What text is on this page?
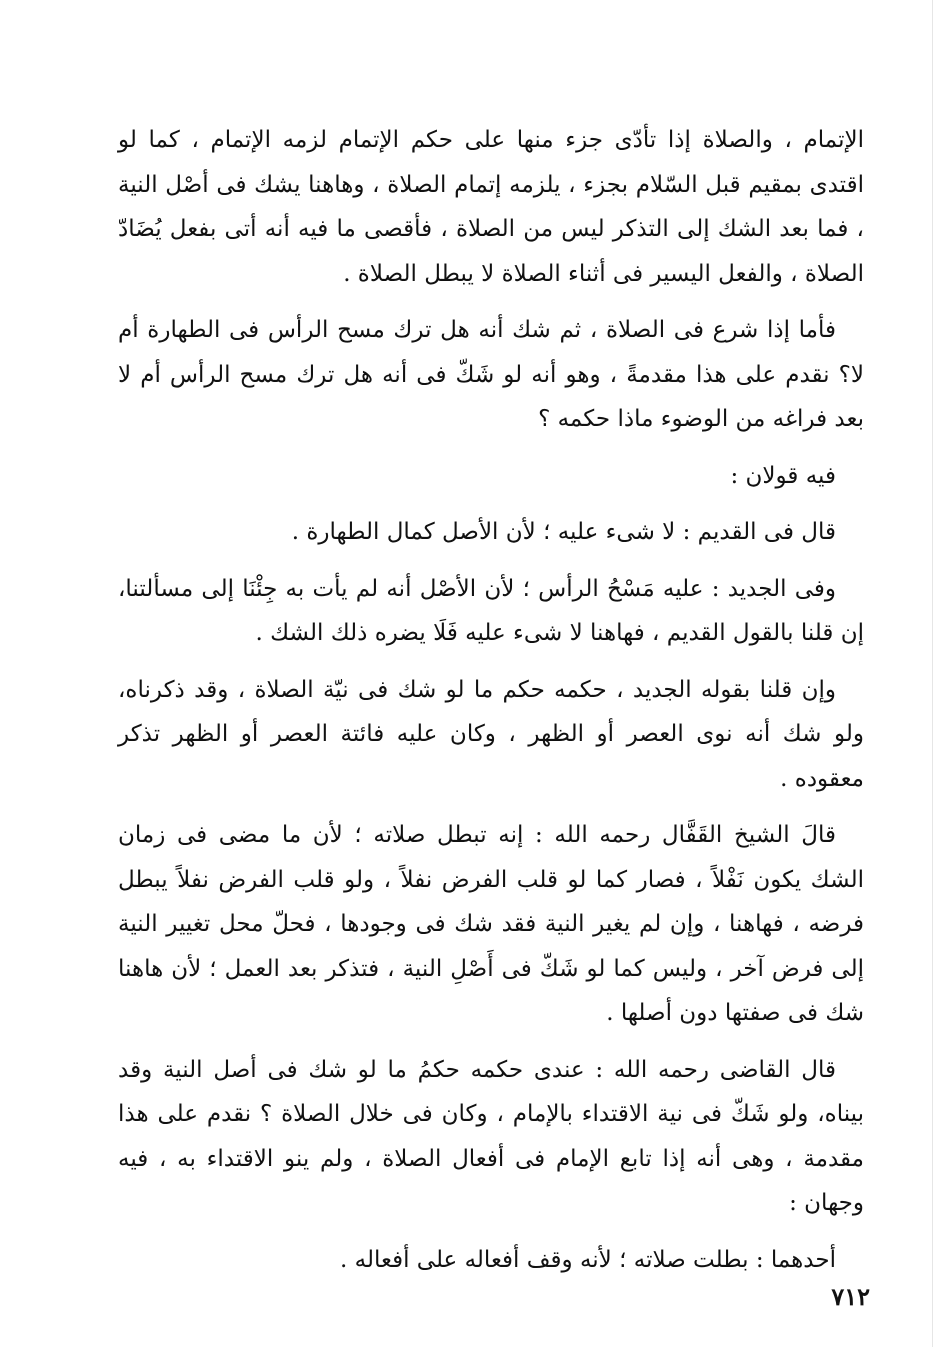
الإتمام ، والصلاة إذا تأدّى جزء منها على حكم الإتمام لزمه الإتمام ، كما لو اقتدى بمقيم قبل السّلام بجزء ، يلزمه إتمام الصلاة ، وهاهنا يشك فى أصْل النية ، فما بعد الشك إلى التذكر ليس من الصلاة ، فأقصى ما فيه أنه أتى بفعل يُضَادّ الصلاة ، والفعل اليسير فى أثناء الصلاة لا يبطل الصلاة .

فأما إذا شرع فى الصلاة ، ثم شك أنه هل ترك مسح الرأس فى الطهارة أم لا؟ نقدم على هذا مقدمةً ، وهو أنه لو شَكّ فى أنه هل ترك مسح الرأس أم لا بعد فراغه من الوضوء ماذا حكمه ؟

فيه قولان :

قال فى القديم : لا شىء عليه ؛ لأن الأصل كمال الطهارة .

وفى الجديد : عليه مَسْحُ الرأس ؛ لأن الأصْل أنه لم يأت به جِئْنَا إلى مسألتنا، إن قلنا بالقول القديم ، فهاهنا لا شىء عليه فَلَا يضره ذلك الشك .

وإن قلنا بقوله الجديد ، حكمه حكم ما لو شك فى نيّة الصلاة ، وقد ذكرناه، ولو شك أنه نوى العصر أو الظهر ، وكان عليه فائتة العصر أو الظهر تذكر معقوده .

قالَ الشيخ القَفَّال رحمه الله : إنه تبطل صلاته ؛ لأن ما مضى فى زمان الشك يكون نَفْلاً ، فصار كما لو قلب الفرض نفلاً ، ولو قلب الفرض نفلاً يبطل فرضه ، فهاهنا ، وإن لم يغير النية فقد شك فى وجودها ، فحلّ محل تغيير النية إلى فرض آخر ، وليس كما لو شَكّ فى أَصْلِ النية ، فتذكر بعد العمل ؛ لأن هاهنا شك فى صفتها دون أصلها .

قال القاضى رحمه الله : عندى حكمه حكمُ ما لو شك فى أصل النية وقد بيناه، ولو شَكّ فى نية الاقتداء بالإمام ، وكان فى خلال الصلاة ؟ نقدم على هذا مقدمة ، وهى أنه إذا تابع الإمام فى أفعال الصلاة ، ولم ينو الاقتداء به ، فيه وجهان :

أحدهما : بطلت صلاته ؛ لأنه وقف أفعاله على أفعاله .

٧١٢
